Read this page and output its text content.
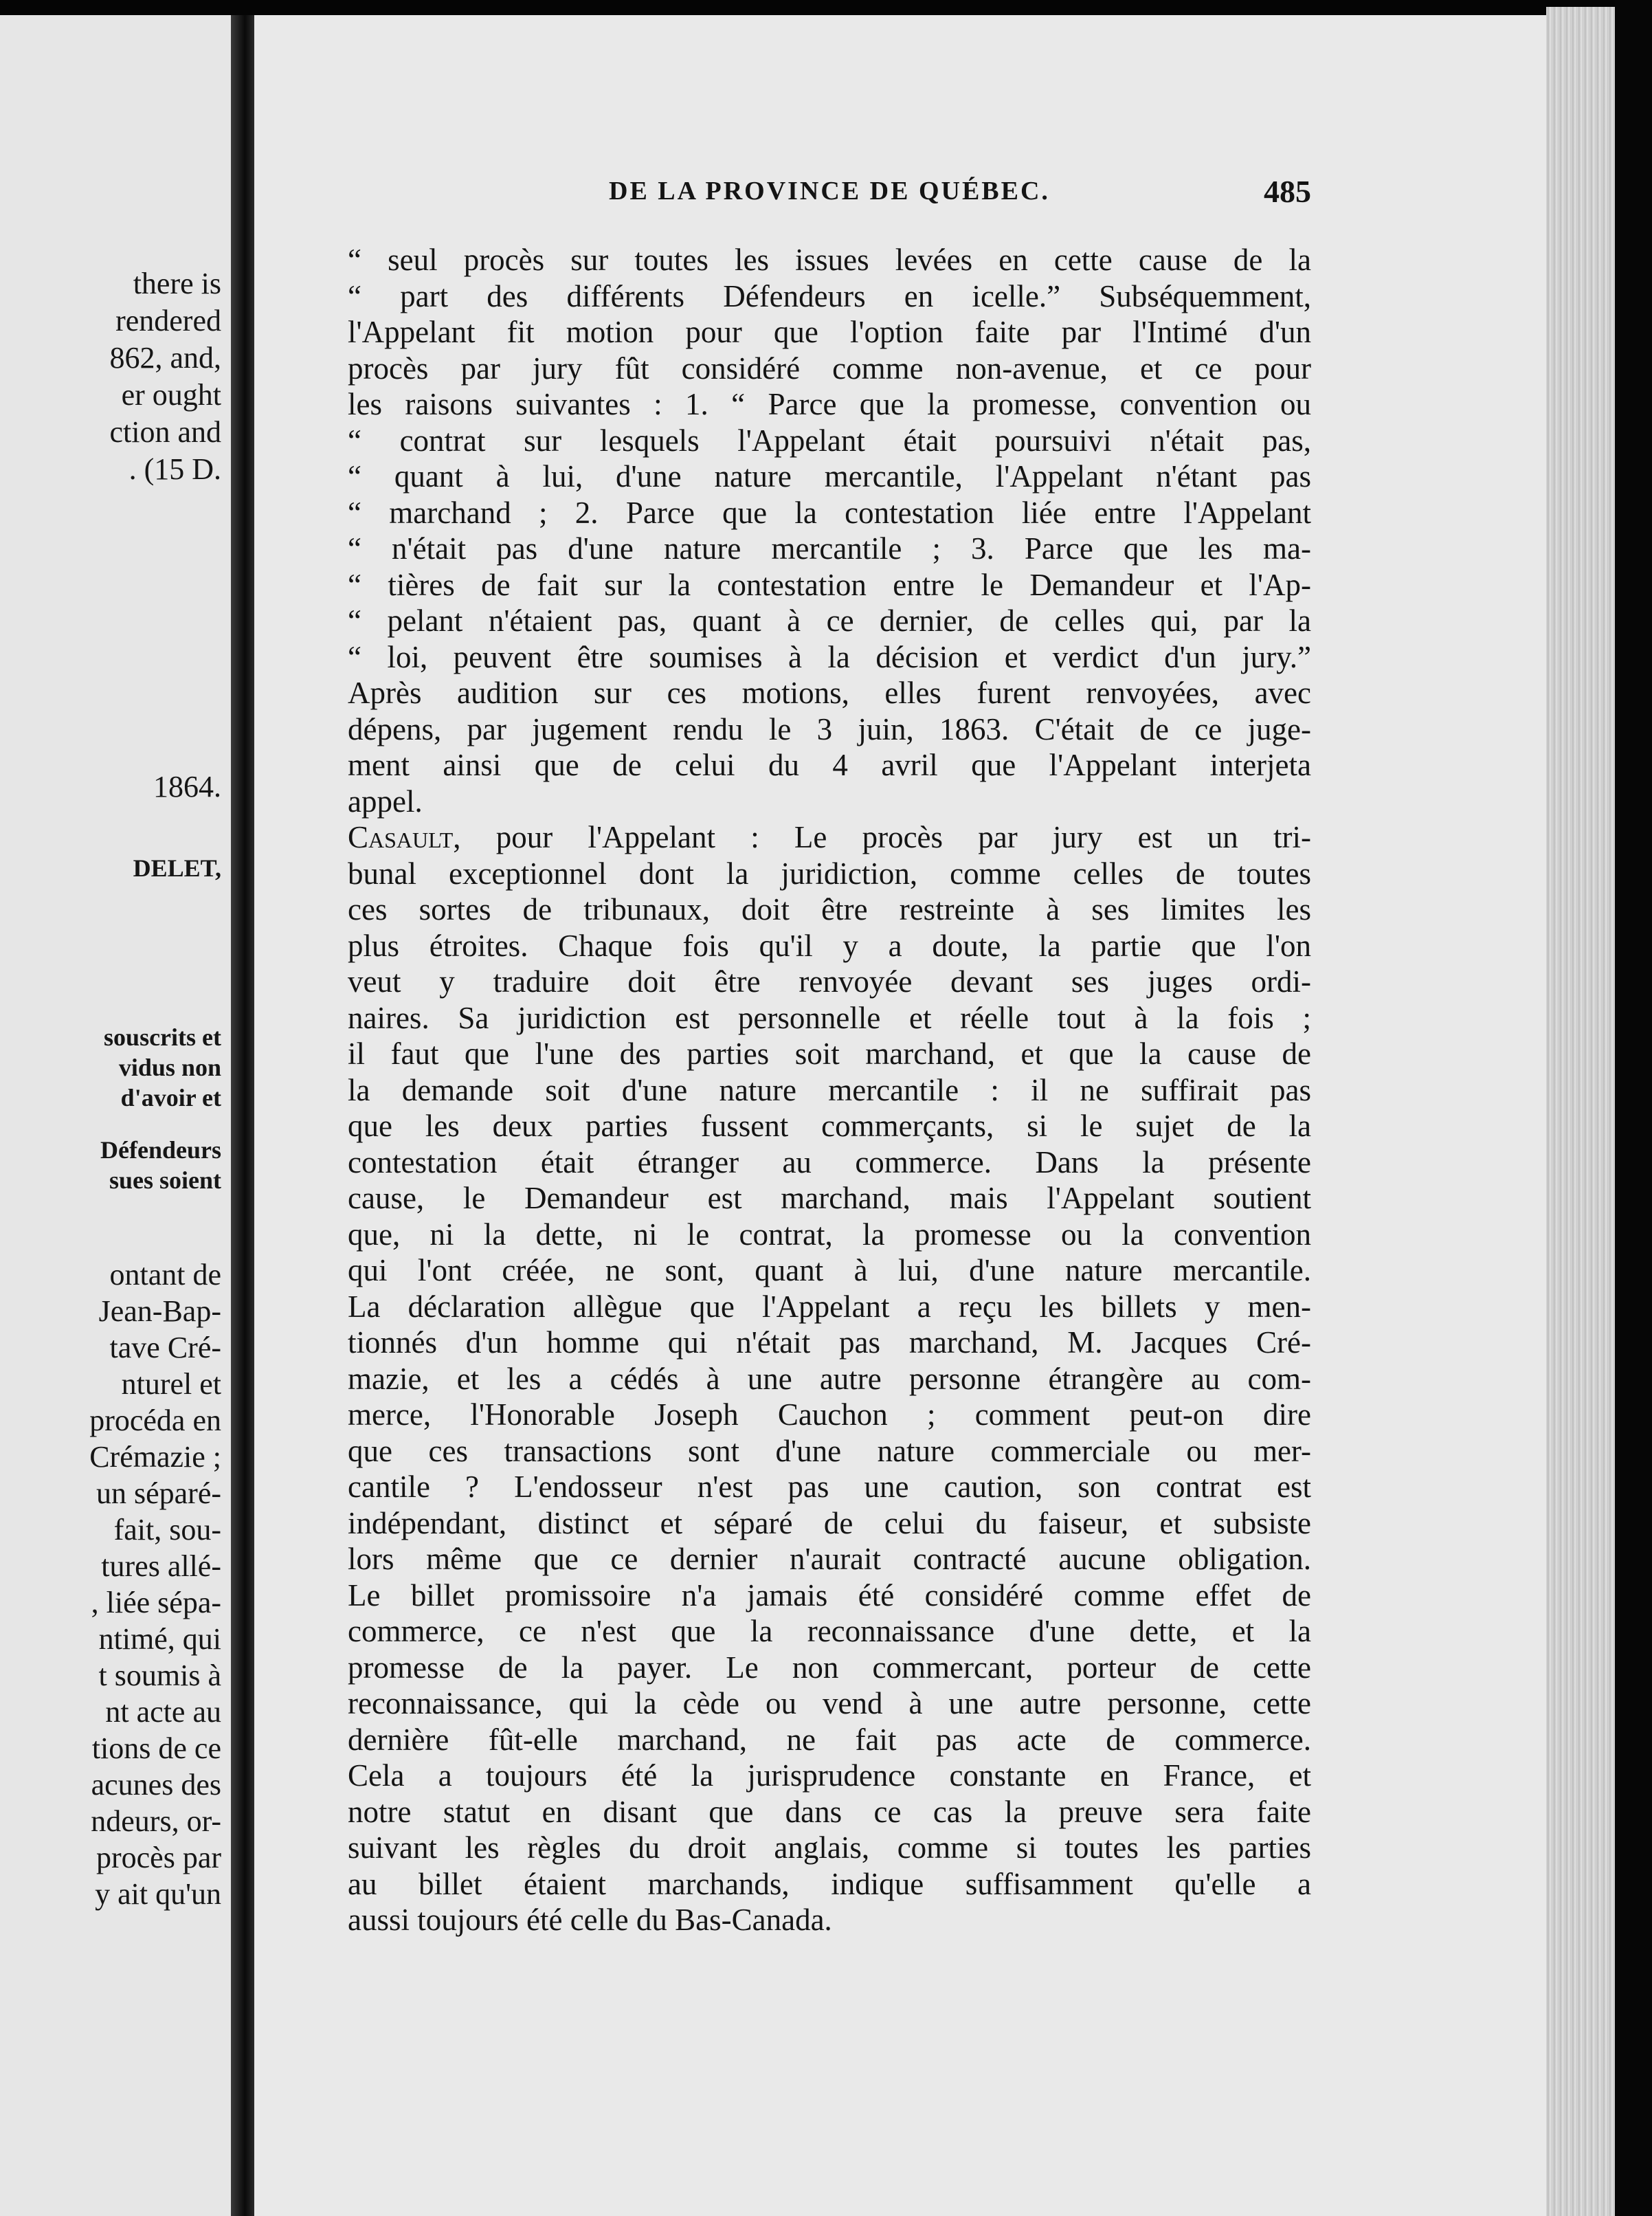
there is
rendered
862, and,
er ought
ction and
. (15 D.
1864.
DELET,
souscrits et
vidus non
d'avoir et
Défendeurs
sues soient
ontant de
Jean-Bap-
tave Cré-
nturel et
procéda en
Crémazie ;
un séparé-
fait, sou-
tures allé-
, liée sépa-
ntimé, qui
t soumis à
nt acte au
tions de ce
acunes des
ndeurs, or-
procès par
y ait qu'un
DE LA PROVINCE DE QUÉBEC.	485
“ seul procès sur toutes les issues levées en cette cause de la
“ part des différents Défendeurs en icelle.” Subséquemment,
l'Appelant fit motion pour que l'option faite par l'Intimé d'un
procès par jury fût considéré comme non-avenue, et ce pour
les raisons suivantes : 1. “ Parce que la promesse, convention ou
“ contrat sur lesquels l'Appelant était poursuivi n'était pas,
“ quant à lui, d'une nature mercantile, l'Appelant n'étant pas
“ marchand ; 2. Parce que la contestation liée entre l'Appelant
“ n'était pas d'une nature mercantile ; 3. Parce que les ma-
“ tières de fait sur la contestation entre le Demandeur et l'Ap-
“ pelant n'étaient pas, quant à ce dernier, de celles qui, par la
“ loi, peuvent être soumises à la décision et verdict d'un jury.”
Après audition sur ces motions, elles furent renvoyées, avec
dépens, par jugement rendu le 3 juin, 1863. C'était de ce juge-
ment ainsi que de celui du 4 avril que l'Appelant interjeta
appel.
Casault, pour l'Appelant : Le procès par jury est un tri-
bunal exceptionnel dont la juridiction, comme celles de toutes
ces sortes de tribunaux, doit être restreinte à ses limites les
plus étroites. Chaque fois qu'il y a doute, la partie que l'on
veut y traduire doit être renvoyée devant ses juges ordi-
naires. Sa juridiction est personnelle et réelle tout à la fois ;
il faut que l'une des parties soit marchand, et que la cause de
la demande soit d'une nature mercantile : il ne suffirait pas
que les deux parties fussent commerçants, si le sujet de la
contestation était étranger au commerce. Dans la présente
cause, le Demandeur est marchand, mais l'Appelant soutient
que, ni la dette, ni le contrat, la promesse ou la convention
qui l'ont créée, ne sont, quant à lui, d'une nature mercantile.
La déclaration allègue que l'Appelant a reçu les billets y men-
tionnés d'un homme qui n'était pas marchand, M. Jacques Cré-
mazie, et les a cédés à une autre personne étrangère au com-
merce, l'Honorable Joseph Cauchon ; comment peut-on dire
que ces transactions sont d'une nature commerciale ou mer-
cantile ? L'endosseur n'est pas une caution, son contrat est
indépendant, distinct et séparé de celui du faiseur, et subsiste
lors même que ce dernier n'aurait contracté aucune obligation.
Le billet promissoire n'a jamais été considéré comme effet de
commerce, ce n'est que la reconnaissance d'une dette, et la
promesse de la payer. Le non commercant, porteur de cette
reconnaissance, qui la cède ou vend à une autre personne, cette
dernière fût-elle marchand, ne fait pas acte de commerce.
Cela a toujours été la jurisprudence constante en France, et
notre statut en disant que dans ce cas la preuve sera faite
suivant les règles du droit anglais, comme si toutes les parties
au billet étaient marchands, indique suffisamment qu'elle a
aussi toujours été celle du Bas-Canada.
